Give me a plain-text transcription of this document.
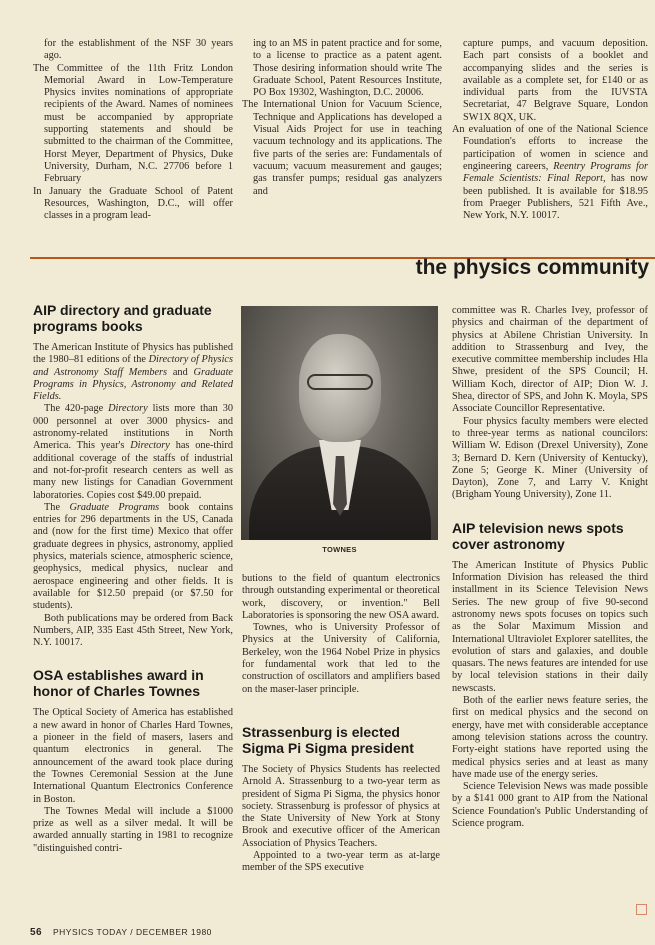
for the establishment of the NSF 30 years ago.

The Committee of the 11th Fritz London Memorial Award in Low-Temperature Physics invites nominations of appropriate recipients of the Award. Names of nominees must be accompanied by appropriate supporting statements and should be submitted to the chairman of the Committee, Horst Meyer, Department of Physics, Duke University, Durham, N.C. 27706 before 1 February

In January the Graduate School of Patent Resources, Washington, D.C., will offer classes in a program lead-

ing to an MS in patent practice and for some, to a license to practice as a patent agent. Those desiring information should write The Graduate School, Patent Resources Institute, PO Box 19302, Washington, D.C. 20006.

The International Union for Vacuum Science, Technique and Applications has developed a Visual Aids Project for use in teaching vacuum technology and its applications. The five parts of the series are: Fundamentals of vacuum; vacuum measurement and gauges; gas transfer pumps; residual gas analyzers and

capture pumps, and vacuum deposition. Each part consists of a booklet and accompanying slides and the series is available as a complete set, for £140 or as individual parts from the IUVSTA Secretariat, 47 Belgrave Square, London SW1X 8QX, UK.

An evaluation of one of the National Science Foundation's efforts to increase the participation of women in science and engineering careers, Reentry Programs for Female Scientists: Final Report, has now been published. It is available for $18.95 from Praeger Publishers, 521 Fifth Ave., New York, N.Y. 10017.

the physics community
AIP directory and graduate programs books

The American Institute of Physics has published the 1980–81 editions of the Directory of Physics and Astronomy Staff Members and Graduate Programs in Physics, Astronomy and Related Fields.

The 420-page Directory lists more than 30 000 personnel at over 3000 physics- and astronomy-related institutions in North America. This year's Directory has one-third additional coverage of the staffs of industrial and not-for-profit research centers as well as many new listings for Canadian Government laboratories. Copies cost $49.00 prepaid.

The Graduate Programs book contains entries for 296 departments in the US, Canada and (now for the first time) Mexico that offer graduate degrees in physics, astronomy, applied physics, materials science, atmospheric science, geophysics, medical physics, nuclear and aerospace engineering and other fields. It is available for $12.50 prepaid (or $7.50 for students).

Both publications may be ordered from Back Numbers, AIP, 335 East 45th Street, New York, N.Y. 10017.

OSA establishes award in honor of Charles Townes

The Optical Society of America has established a new award in honor of Charles Hard Townes, a pioneer in the field of masers, lasers and quantum electronics in general. The announcement of the award took place during the Townes Ceremonial Session at the June International Quantum Electronics Conference in Boston.

The Townes Medal will include a $1000 prize as well as a silver medal. It will be awarded annually starting in 1981 to recognize "distinguished contri-

TOWNES

butions to the field of quantum electronics through outstanding experimental or theoretical work, discovery, or invention." Bell Laboratories is sponsoring the new OSA award.

Townes, who is University Professor of Physics at the University of California, Berkeley, won the 1964 Nobel Prize in physics for fundamental work that led to the construction of oscillators and amplifiers based on the maser-laser principle.

Strassenburg is elected Sigma Pi Sigma president

The Society of Physics Students has reelected Arnold A. Strassenburg to a two-year term as president of Sigma Pi Sigma, the physics honor society. Strassenburg is professor of physics at the State University of New York at Stony Brook and executive officer of the American Association of Physics Teachers.

Appointed to a two-year term as at-large member of the SPS executive

committee was R. Charles Ivey, professor of physics and chairman of the department of physics at Abilene Christian University. In addition to Strassenburg and Ivey, the executive committee membership includes Hla Shwe, president of the SPS Council; H. William Koch, director of AIP; Dion W. J. Shea, director of SPS, and John K. Moyla, SPS Associate Councillor Representative.

Four physics faculty members were elected to three-year terms as national councilors: William W. Edison (Drexel University), Zone 3; Bernard D. Kern (University of Kentucky), Zone 5; George K. Miner (University of Dayton), Zone 7, and Larry V. Knight (Brigham Young University), Zone 11.

AIP television news spots cover astronomy

The American Institute of Physics Public Information Division has released the third installment in its Science Television News Series. The new group of five 90-second astronomy news spots focuses on topics such as the Solar Maximum Mission and International Ultraviolet Explorer satellites, the evolution of stars and galaxies, and double quasars. The news features are intended for use by local television stations in their daily newscasts.

Both of the earlier news feature series, the first on medical physics and the second on energy, have met with considerable acceptance among television stations across the country. Forty-eight stations have reported using the medical physics series and at least as many have made use of the energy series.

Science Television News was made possible by a $141 000 grant to AIP from the National Science Foundation's Public Understanding of Science program.

56 PHYSICS TODAY / DECEMBER 1980
